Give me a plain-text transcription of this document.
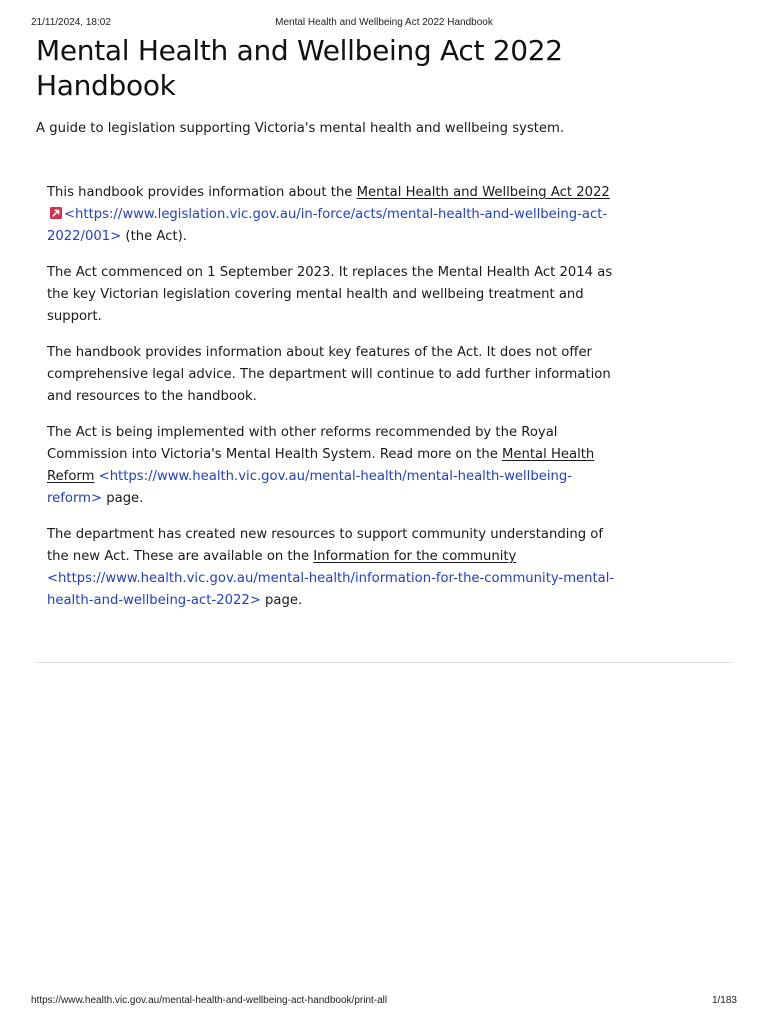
21/11/2024, 18:02	Mental Health and Wellbeing Act 2022 Handbook
Mental Health and Wellbeing Act 2022 Handbook

A guide to legislation supporting Victoria's mental health and wellbeing system.

This handbook provides information about the Mental Health and Wellbeing Act 2022<https://www.legislation.vic.gov.au/in-force/acts/mental-health-and-wellbeing-act-2022/001> (the Act).

The Act commenced on 1 September 2023. It replaces the Mental Health Act 2014 as the key Victorian legislation covering mental health and wellbeing treatment and support.

The handbook provides information about key features of the Act. It does not offer comprehensive legal advice. The department will continue to add further information and resources to the handbook.

The Act is being implemented with other reforms recommended by the Royal Commission into Victoria's Mental Health System. Read more on the Mental Health Reform <https://www.health.vic.gov.au/mental-health/mental-health-wellbeing-reform> page.

The department has created new resources to support community understanding of the new Act. These are available on the Information for the community <https://www.health.vic.gov.au/mental-health/information-for-the-community-mental-health-and-wellbeing-act-2022> page.

https://www.health.vic.gov.au/mental-health-and-wellbeing-act-handbook/print-all	1/183
